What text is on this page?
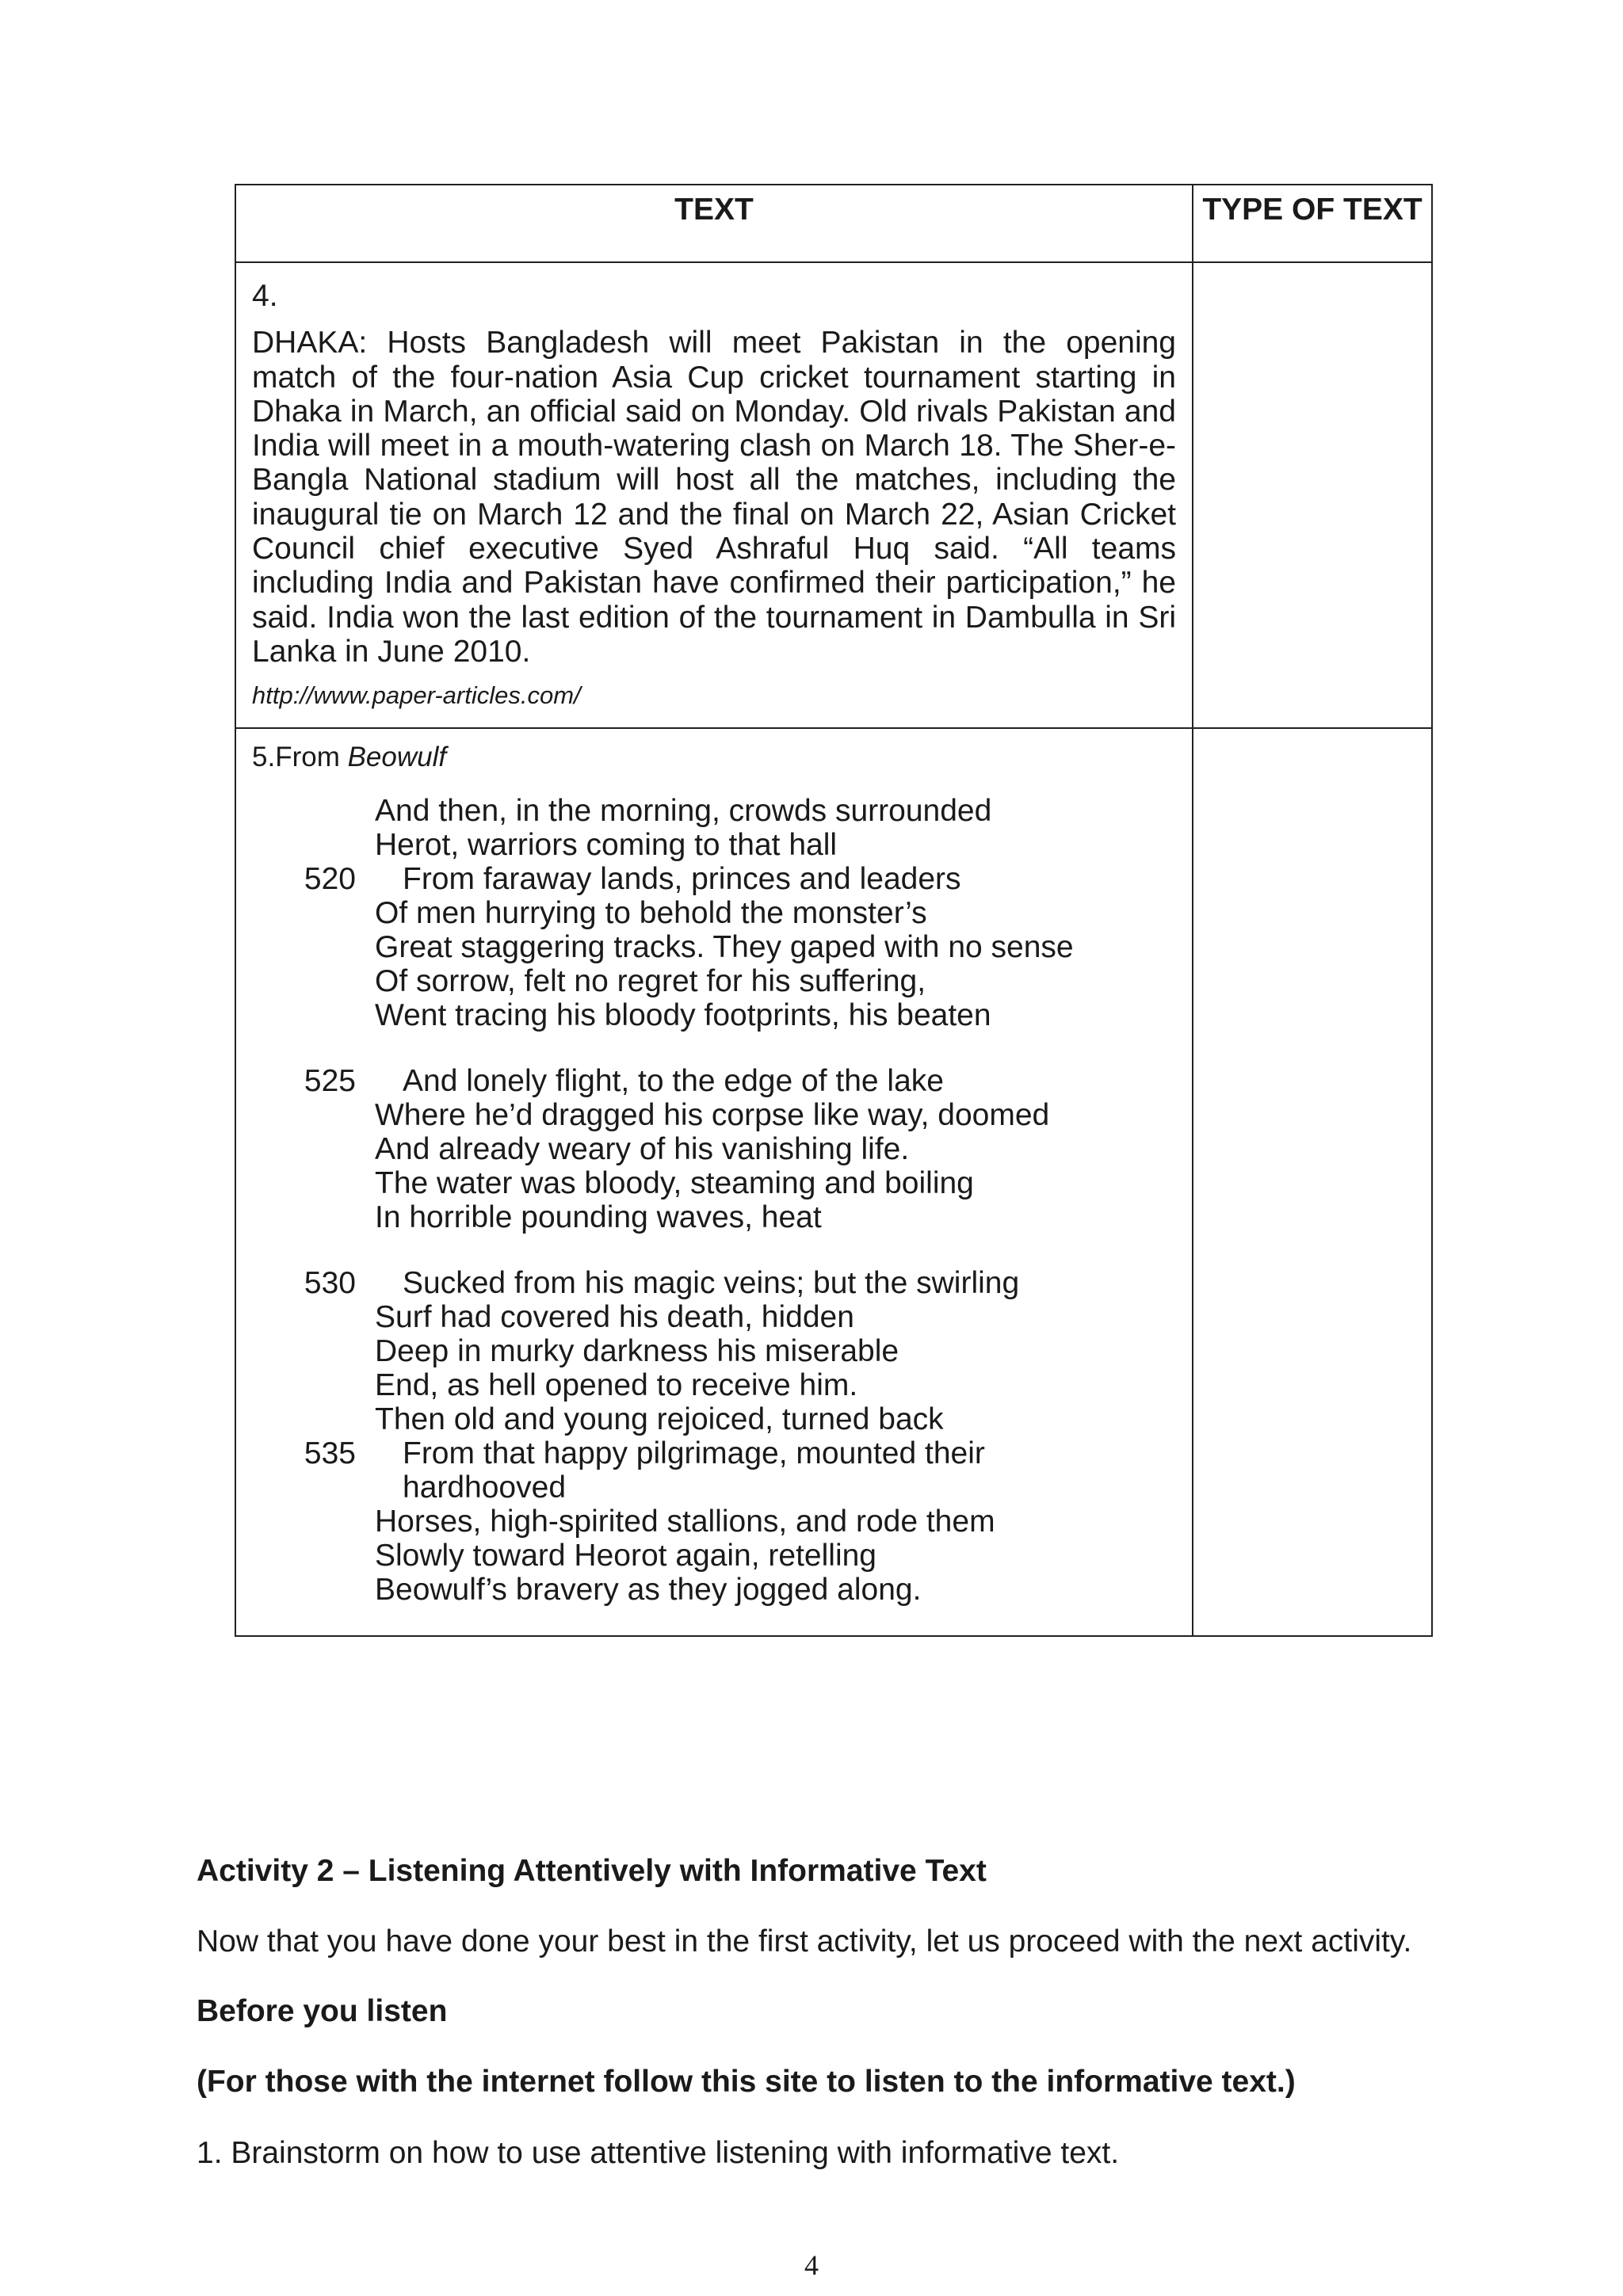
TEXT	TYPE OF TEXT

4.

DHAKA: Hosts Bangladesh will meet Pakistan in the opening match of the four-nation Asia Cup cricket tournament starting in Dhaka in March, an official said on Monday. Old rivals Pakistan and India will meet in a mouth-watering clash on March 18. The Sher-e-Bangla National stadium will host all the matches, including the inaugural tie on March 12 and the final on March 22, Asian Cricket Council chief executive Syed Ashraful Huq said. “All teams including India and Pakistan have confirmed their participation,” he said. India won the last edition of the tournament in Dambulla in Sri Lanka in June 2010.

http://www.paper-articles.com/

5.From Beowulf

And then, in the morning, crowds surrounded
Herot, warriors coming to that hall
520	From faraway lands, princes and leaders
Of men hurrying to behold the monster’s
Great staggering tracks. They gaped with no sense
Of sorrow, felt no regret for his suffering,
Went tracing his bloody footprints, his beaten
525	And lonely flight, to the edge of the lake
Where he’d dragged his corpse like way, doomed
And already weary of his vanishing life.
The water was bloody, steaming and boiling
In horrible pounding waves, heat
530	Sucked from his magic veins; but the swirling
Surf had covered his death, hidden
Deep in murky darkness his miserable
End, as hell opened to receive him.
Then old and young rejoiced, turned back
535	From that happy pilgrimage, mounted their
hardhooved
Horses, high-spirited stallions, and rode them
Slowly toward Heorot again, retelling
Beowulf’s bravery as they jogged along.

Activity 2 – Listening Attentively with Informative Text

Now that you have done your best in the first activity, let us proceed with the next activity.

Before you listen

(For those with the internet follow this site to listen to the informative text.)

1. Brainstorm on how to use attentive listening with informative text.

4
